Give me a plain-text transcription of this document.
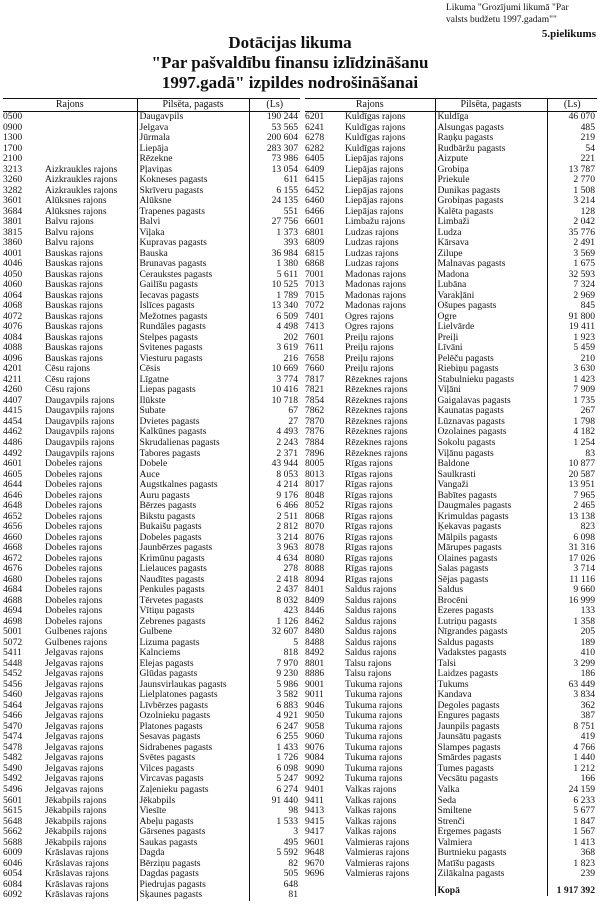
Likuma "Grozījumi likumā "Par
valsts budžetu 1997.gadam""
5.pielikums
Dotācijas likuma
"Par pašvaldību finansu izlīdzināšanu
1997.gadā" izpildes nodrošināšanai
Rajons		Pilsēta, pagasts	(Ls)
0500		Daugavpils	190 244
0900		Jelgava	53 565
1300		Jūrmala	200 604
1700		Liepāja	283 307
2100		Rēzekne	73 986
3213	Aizkraukles rajons	Pļaviņas	13 054
3260	Aizkraukles rajons	Kokneses pagasts	611
3282	Aizkraukles rajons	Skrīveru pagasts	6 155
3601	Alūksnes rajons	Alūksne	24 135
3684	Alūksnes rajons	Trapenes pagasts	551
3801	Balvu rajons	Balvi	27 756
3815	Balvu rajons	Viļaka	1 373
3860	Balvu rajons	Kupravas pagasts	393
4001	Bauskas rajons	Bauska	36 984
4046	Bauskas rajons	Brunavas pagasts	1 380
4050	Bauskas rajons	Ceraukstes pagasts	5 611
4060	Bauskas rajons	Gailīšu pagasts	10 525
4064	Bauskas rajons	Iecavas pagasts	1 789
4068	Bauskas rajons	Īslīces pagasts	13 340
4072	Bauskas rajons	Mežotnes pagasts	6 509
4076	Bauskas rajons	Rundāles pagasts	4 498
4084	Bauskas rajons	Stelpes pagasts	202
4088	Bauskas rajons	Svitenes pagasts	3 619
4096	Bauskas rajons	Viesturu pagasts	216
4201	Cēsu rajons	Cēsis	10 669
4211	Cēsu rajons	Līgatne	3 774
4260	Cēsu rajons	Liepas pagasts	10 416
4407	Daugavpils rajons	Ilūkste	10 718
4415	Daugavpils rajons	Subate	67
4454	Daugavpils rajons	Dvietes pagasts	27
4462	Daugavpils rajons	Kalkūnes pagasts	4 493
4486	Daugavpils rajons	Skrudalienas pagasts	2 243
4492	Daugavpils rajons	Tabores pagasts	2 371
4601	Dobeles rajons	Dobele	43 944
4605	Dobeles rajons	Auce	8 053
4644	Dobeles rajons	Augstkalnes pagasts	4 214
4646	Dobeles rajons	Auru pagasts	9 176
4648	Dobeles rajons	Bērzes pagasts	6 466
4652	Dobeles rajons	Bikstu pagasts	2 511
4656	Dobeles rajons	Bukaišu pagasts	2 812
4660	Dobeles rajons	Dobeles pagasts	3 214
4668	Dobeles rajons	Jaunbērzes pagasts	3 963
4672	Dobeles rajons	Krimūnu pagasts	4 634
4676	Dobeles rajons	Lielauces pagasts	278
4680	Dobeles rajons	Naudītes pagasts	2 418
4684	Dobeles rajons	Penkules pagasts	2 437
4688	Dobeles rajons	Tērvetes pagasts	8 032
4694	Dobeles rajons	Vītiņu pagasts	423
4698	Dobeles rajons	Zebrenes pagasts	1 126
5001	Gulbenes rajons	Gulbene	32 607
5072	Gulbenes rajons	Lizuma pagasts	5
5411	Jelgavas rajons	Kalnciems	818
5448	Jelgavas rajons	Elejas pagasts	7 970
5452	Jelgavas rajons	Glūdas pagasts	9 230
5456	Jelgavas rajons	Jaunsvirlaukas pagasts	5 986
5460	Jelgavas rajons	Lielplatones pagasts	3 582
5464	Jelgavas rajons	Līvbērzes pagasts	6 883
5466	Jelgavas rajons	Ozolnieku pagasts	4 921
5470	Jelgavas rajons	Platones pagasts	6 247
5474	Jelgavas rajons	Sesavas pagasts	6 255
5478	Jelgavas rajons	Sidrabenes pagasts	1 433
5482	Jelgavas rajons	Svētes pagasts	1 726
5490	Jelgavas rajons	Vilces pagasts	6 098
5492	Jelgavas rajons	Vircavas pagasts	5 247
5496	Jelgavas rajons	Zaļenieku pagasts	6 274
5601	Jēkabpils rajons	Jēkabpils	91 440
5615	Jēkabpils rajons	Viesīte	98
5648	Jēkabpils rajons	Ābeļu pagasts	1 533
5662	Jēkabpils rajons	Gārsenes pagasts	3
5688	Jēkabpils rajons	Saukas pagasts	495
6009	Krāslavas rajons	Dagda	5 592
6046	Krāslavas rajons	Bērziņu pagasts	82
6054	Krāslavas rajons	Dagdas pagasts	505
6084	Krāslavas rajons	Piedrujas pagasts	648
6092	Krāslavas rajons	Šķaunes pagasts	81
Rajons		Pilsēta, pagasts	(Ls)
6201	Kuldīgas rajons	Kuldīga	46 070
6241	Kuldīgas rajons	Alsungas pagasts	485
6278	Kuldīgas rajons	Raņķu pagasts	219
6282	Kuldīgas rajons	Rudbāržu pagasts	54
6405	Liepājas rajons	Aizpute	221
6409	Liepājas rajons	Grobiņa	13 787
6415	Liepājas rajons	Priekule	2 770
6452	Liepājas rajons	Dunikas pagasts	1 508
6460	Liepājas rajons	Grobiņas pagasts	3 214
6466	Liepājas rajons	Kalēta pagasts	128
6601	Limbažu rajons	Limbaži	2 042
6801	Ludzas rajons	Ludza	35 776
6809	Ludzas rajons	Kārsava	2 491
6815	Ludzas rajons	Zilupe	3 569
6868	Ludzas rajons	Malnavas pagasts	1 675
7001	Madonas rajons	Madona	32 593
7013	Madonas rajons	Lubāna	7 324
7015	Madonas rajons	Varakļāni	2 969
7072	Madonas rajons	Ošupes pagasts	845
7401	Ogres rajons	Ogre	91 800
7413	Ogres rajons	Lielvārde	19 411
7601	Preiļu rajons	Preiļi	1 923
7611	Preiļu rajons	Līvāni	5 459
7658	Preiļu rajons	Pelēču pagasts	210
7660	Preiļu rajons	Riebiņu pagasts	3 630
7817	Rēzeknes rajons	Stabulnieku pagasts	1 423
7821	Rēzeknes rajons	Viļāni	7 909
7854	Rēzeknes rajons	Gaigalavas pagasts	1 735
7862	Rēzeknes rajons	Kaunatas pagasts	267
7870	Rēzeknes rajons	Lūznavas pagasts	1 798
7876	Rēzeknes rajons	Ozolaines pagasts	4 182
7884	Rēzeknes rajons	Sokolu pagasts	1 254
7896	Rēzeknes rajons	Viļānu pagasts	83
8005	Rīgas rajons	Baldone	10 877
8013	Rīgas rajons	Saulkrasti	20 587
8017	Rīgas rajons	Vangaži	13 951
8048	Rīgas rajons	Babītes pagasts	7 965
8052	Rīgas rajons	Daugmales pagasts	2 465
8068	Rīgas rajons	Krimuldas pagasts	13 138
8070	Rīgas rajons	Ķekavas pagasts	823
8076	Rīgas rajons	Mālpils pagasts	6 098
8078	Rīgas rajons	Mārupes pagasts	31 316
8080	Rīgas rajons	Olaines pagasts	17 026
8088	Rīgas rajons	Salas pagasts	3 714
8094	Rīgas rajons	Sējas pagasts	11 116
8401	Saldus rajons	Saldus	9 660
8409	Saldus rajons	Brocēni	16 999
8446	Saldus rajons	Ezeres pagasts	133
8462	Saldus rajons	Lutriņu pagasts	1 358
8480	Saldus rajons	Nīgrandes pagasts	205
8488	Saldus rajons	Saldus pagasts	189
8492	Saldus rajons	Vadakstes pagasts	410
8801	Talsu rajons	Talsi	3 299
8886	Talsu rajons	Laidzes pagasts	186
9001	Tukuma rajons	Tukums	63 449
9011	Tukuma rajons	Kandava	3 834
9046	Tukuma rajons	Degoles pagasts	362
9050	Tukuma rajons	Engures pagasts	387
9058	Tukuma rajons	Jaunpils pagasts	8 751
9060	Tukuma rajons	Jaunsātu pagasts	419
9076	Tukuma rajons	Slampes pagasts	4 766
9084	Tukuma rajons	Smārdes pagasts	1 440
9090	Tukuma rajons	Tumes pagasts	1 212
9092	Tukuma rajons	Vecsātu pagasts	166
9401	Valkas rajons	Valka	24 159
9411	Valkas rajons	Seda	6 233
9413	Valkas rajons	Smiltene	5 677
9415	Valkas rajons	Strenči	1 847
9417	Valkas rajons	Ērgemes pagasts	1 567
9601	Valmieras rajons	Valmiera	1 413
9648	Valmieras rajons	Burtnieku pagasts	368
9670	Valmieras rajons	Matīšu pagasts	1 823
9696	Valmieras rajons	Zilākalna pagasts	239
		Kopā	1 917 392
